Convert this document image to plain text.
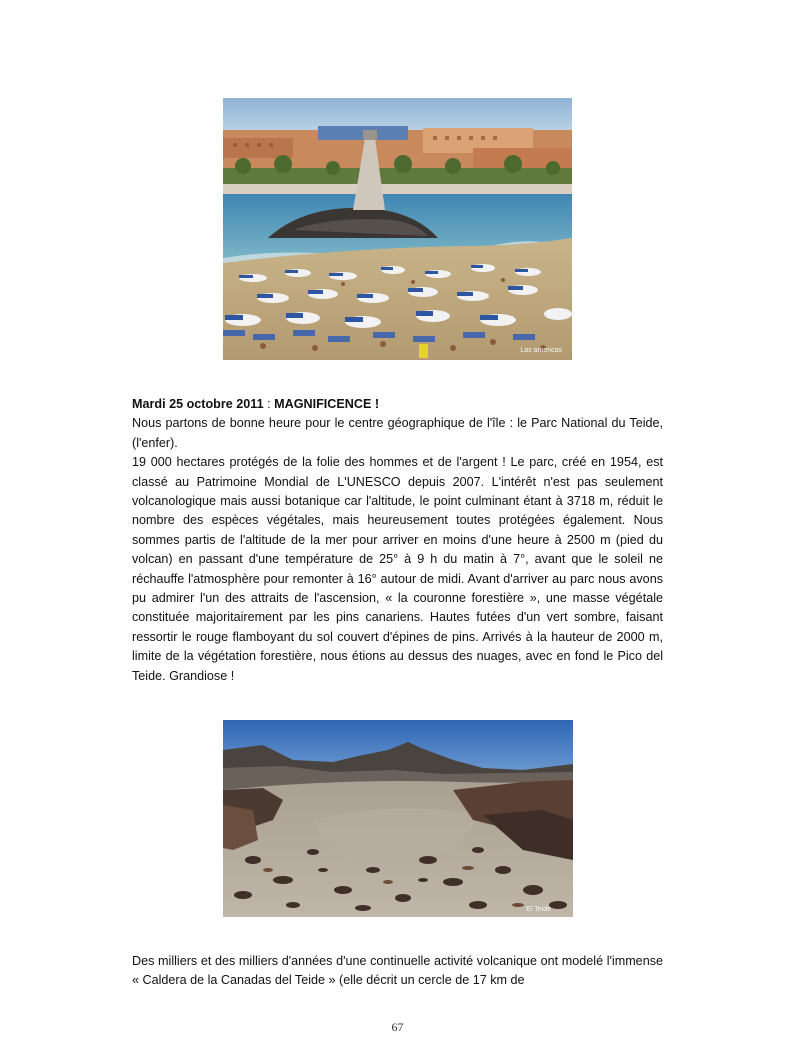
Las americas

Mardi 25 octobre 2011 : MAGNIFICENCE !

Nous partons de bonne heure pour le centre géographique de l'île : le Parc National du Teide, (l'enfer).

19 000 hectares protégés de la folie des hommes et de l'argent ! Le parc, créé en 1954, est classé au Patrimoine Mondial de L'UNESCO depuis 2007. L'intérêt n'est pas seulement volcanologique mais aussi botanique car l'altitude, le point culminant étant à 3718 m, réduit le nombre des espèces végétales, mais heureusement toutes protégées également. Nous sommes partis de l'altitude de la mer pour arriver en moins d'une heure à 2500 m (pied du volcan) en passant d'une température de 25° à 9 h du matin à 7°, avant que le soleil ne réchauffe l'atmosphère pour remonter à 16° autour de midi. Avant d'arriver au parc nous avons pu admirer l'un des attraits de l'ascension, « la couronne forestière », une masse végétale constituée majoritairement par les pins canariens. Hautes futées d'un vert sombre, faisant ressortir le rouge flamboyant du sol couvert d'épines de pins. Arrivés à la hauteur de 2000 m, limite de la végétation forestière, nous étions au dessus des nuages, avec en fond le Pico del Teide. Grandiose !

El Teide

Des milliers et des milliers d'années d'une continuelle activité volcanique ont modelé l'immense « Caldera de la Canadas del Teide » (elle décrit un cercle de 17 km de

67
